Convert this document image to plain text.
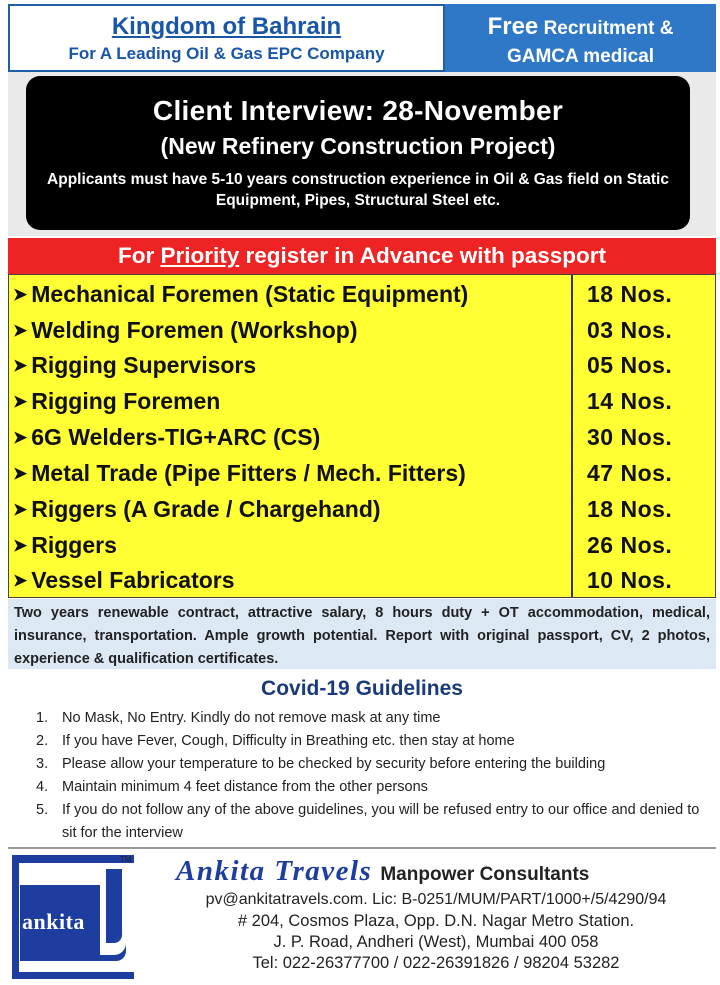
Kingdom of Bahrain
For A Leading Oil & Gas EPC Company
Free Recruitment &
GAMCA medical
Client Interview: 28-November
(New Refinery Construction Project)
Applicants must have 5-10 years construction experience in Oil & Gas field on Static Equipment, Pipes, Structural Steel etc.
For Priority register in Advance with passport
➤ Mechanical Foremen (Static Equipment)	18 Nos.
➤ Welding Foremen (Workshop)	03 Nos.
➤ Rigging Supervisors	05 Nos.
➤ Rigging Foremen	14 Nos.
➤ 6G Welders-TIG+ARC (CS)	30 Nos.
➤ Metal Trade (Pipe Fitters / Mech. Fitters)	47 Nos.
➤ Riggers (A Grade / Chargehand)	18 Nos.
➤ Riggers	26 Nos.
➤ Vessel Fabricators	10 Nos.
Two years renewable contract, attractive salary, 8 hours duty + OT accommodation, medical, insurance, transportation. Ample growth potential. Report with original passport, CV, 2 photos, experience & qualification certificates.
Covid-19 Guidelines
1. No Mask, No Entry. Kindly do not remove mask at any time
2. If you have Fever, Cough, Difficulty in Breathing etc. then stay at home
3. Please allow your temperature to be checked by security before entering the building
4. Maintain minimum 4 feet distance from the other persons
5. If you do not follow any of the above guidelines, you will be refused entry to our office and denied to sit for the interview
ankita
TM Ankita Travels Manpower Consultants
pv@ankitatravels.com. Lic: B-0251/MUM/PART/1000+/5/4290/94
# 204, Cosmos Plaza, Opp. D.N. Nagar Metro Station.
J. P. Road, Andheri (West), Mumbai 400 058
Tel: 022-26377700 / 022-26391826 / 98204 53282
